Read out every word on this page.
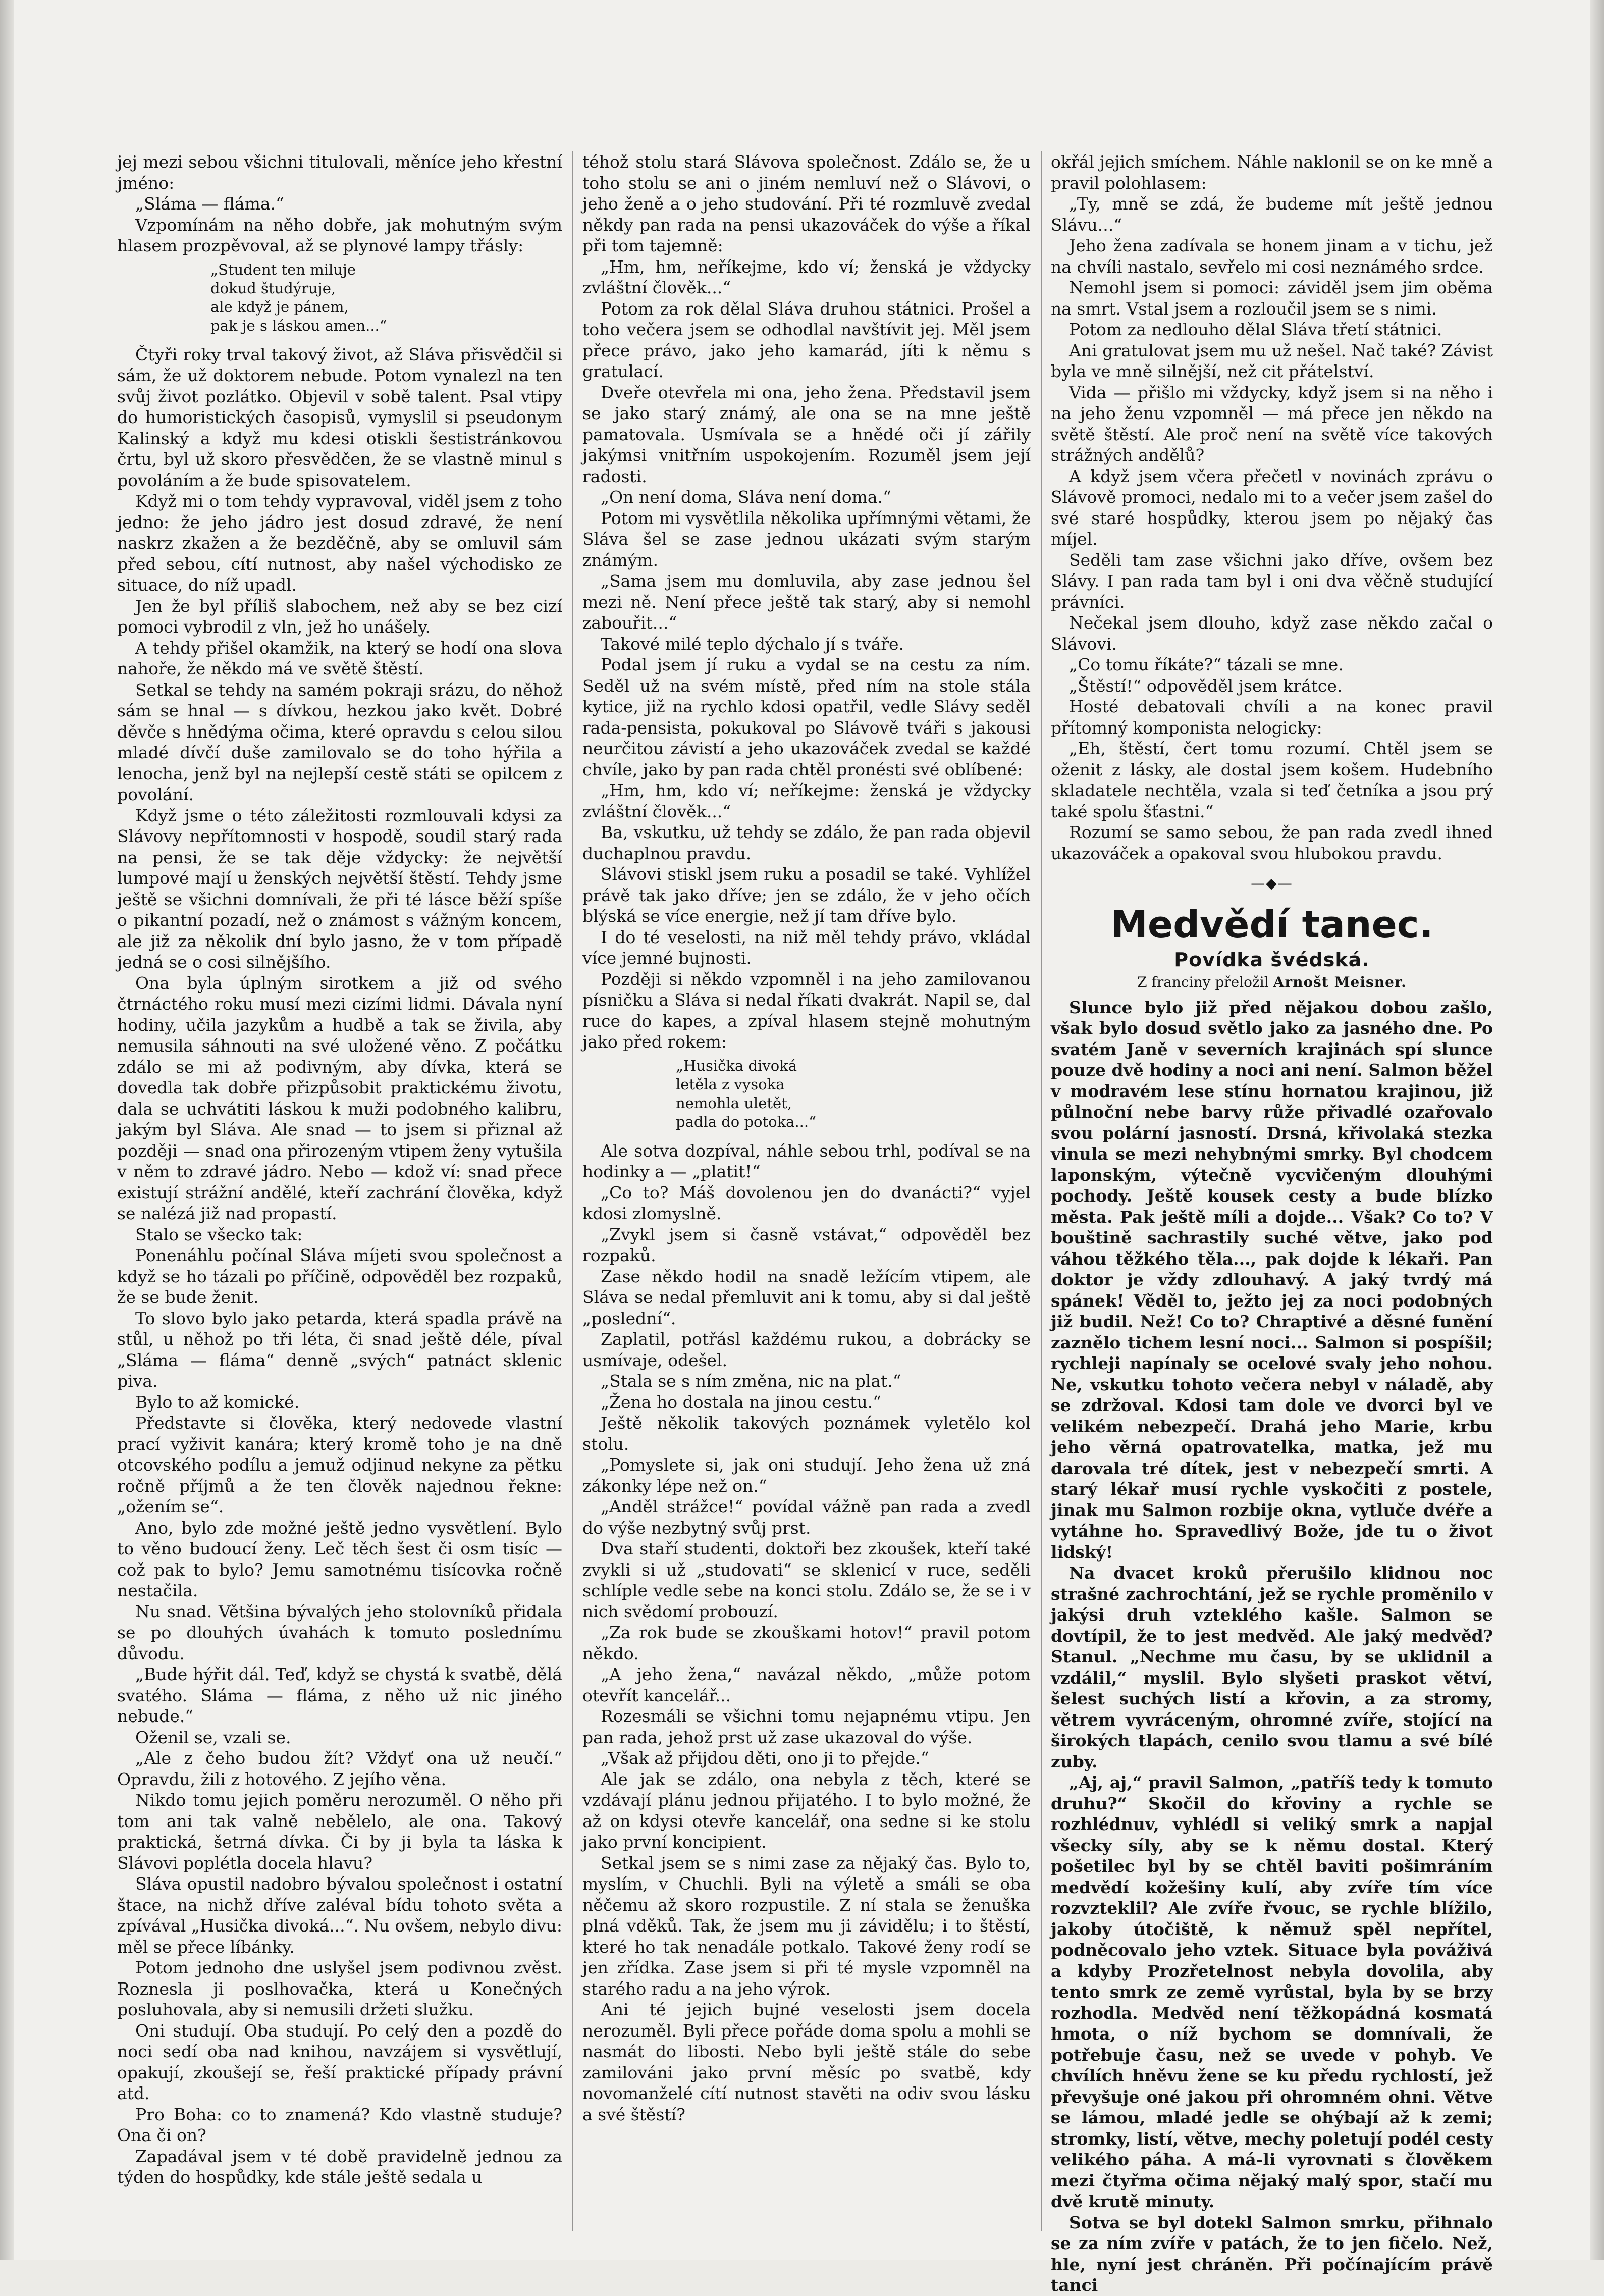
jej mezi sebou všichni titulovali, měníce jeho křestní jméno:

„Sláma — fláma.“

Vzpomínám na něho dobře, jak mohutným svým hlasem prozpěvoval, až se plynové lampy třásly:

„Student ten miluje
dokud študýruje,
ale když je pánem,
pak je s láskou amen...“

Čtyři roky trval takový život, až Sláva přisvědčil si sám, že už doktorem nebude. Potom vynalezl na ten svůj život pozlátko. Objevil v sobě talent. Psal vtipy do humoristických časopisů, vymyslil si pseudonym Kalinský a když mu kdesi otiskli šestistránkovou črtu, byl už skoro přesvědčen, že se vlastně minul s povoláním a že bude spisovatelem.

Když mi o tom tehdy vypravoval, viděl jsem z toho jedno: že jeho jádro jest dosud zdravé, že není naskrz zkažen a že bezděčně, aby se omluvil sám před sebou, cítí nutnost, aby našel východisko ze situace, do níž upadl.

Jen že byl příliš slabochem, než aby se bez cizí pomoci vybrodil z vln, jež ho unášely.

A tehdy přišel okamžik, na který se hodí ona slova nahoře, že někdo má ve světě štěstí.

Setkal se tehdy na samém pokraji srázu, do něhož sám se hnal — s dívkou, hezkou jako květ. Dobré děvče s hnědýma očima, které opravdu s celou silou mladé dívčí duše zamilovalo se do toho hýřila a lenocha, jenž byl na nejlepší cestě státi se opilcem z povolání.

Když jsme o této záležitosti rozmlouvali kdysi za Slávovy nepřítomnosti v hospodě, soudil starý rada na pensi, že se tak děje vždycky: že největší lumpové mají u ženských největší štěstí. Tehdy jsme ještě se všichni domnívali, že při té lásce běží spíše o pikantní pozadí, než o známost s vážným koncem, ale již za několik dní bylo jasno, že v tom případě jedná se o cosi silnějšího.

Ona byla úplným sirotkem a již od svého čtrnáctého roku musí mezi cizími lidmi. Dávala nyní hodiny, učila jazykům a hudbě a tak se živila, aby nemusila sáhnouti na své uložené věno. Z počátku zdálo se mi až podivným, aby dívka, která se dovedla tak dobře přizpůsobit praktickému životu, dala se uchvátiti láskou k muži podobného kalibru, jakým byl Sláva. Ale snad — to jsem si přiznal až později — snad ona přirozeným vtipem ženy vytušila v něm to zdravé jádro. Nebo — kdož ví: snad přece existují strážní andělé, kteří zachrání člověka, když se nalézá již nad propastí.

Stalo se všecko tak:

Ponenáhlu počínal Sláva míjeti svou společnost a když se ho tázali po příčině, odpověděl bez rozpaků, že se bude ženit.

To slovo bylo jako petarda, která spadla právě na stůl, u něhož po tři léta, či snad ještě déle, píval „Sláma — fláma“ denně „svých“ patnáct sklenic piva.

Bylo to až komické.

Představte si člověka, který nedovede vlastní prací vyživit kanára; který kromě toho je na dně otcovského podílu a jemuž odjinud nekyne za pětku ročně příjmů a že ten člověk najednou řekne: „ožením se“.

Ano, bylo zde možné ještě jedno vysvětlení. Bylo to věno budoucí ženy. Leč těch šest či osm tisíc — což pak to bylo? Jemu samotnému tisícovka ročně nestačila.

Nu snad. Většina bývalých jeho stolovníků přidala se po dlouhých úvahách k tomuto poslednímu důvodu.

„Bude hýřit dál. Teď, když se chystá k svatbě, dělá svatého. Sláma — fláma, z něho už nic jiného nebude.“

Oženil se, vzali se.

„Ale z čeho budou žít? Vždyť ona už neučí.“ Opravdu, žili z hotového. Z jejího věna.

Nikdo tomu jejich poměru nerozuměl. O něho při tom ani tak valně nebělelo, ale ona. Takový praktická, šetrná dívka. Či by ji byla ta láska k Slávovi poplétla docela hlavu?

Sláva opustil nadobro bývalou společnost i ostatní štace, na nichž dříve zaléval bídu tohoto světa a zpívával „Husička divoká...“. Nu ovšem, nebylo divu: měl se přece líbánky.

Potom jednoho dne uslyšel jsem podivnou zvěst. Roznesla ji poslhovačka, která u Konečných posluhovala, aby si nemusili držeti služku.

Oni studují. Oba studují. Po celý den a pozdě do noci sedí oba nad knihou, navzájem si vysvětlují, opakují, zkoušejí se, řeší praktické případy právní atd.

Pro Boha: co to znamená? Kdo vlastně studuje? Ona či on?

Zapadával jsem v té době pravidelně jednou za týden do hospůdky, kde stále ještě sedala u

téhož stolu stará Slávova společnost. Zdálo se, že u toho stolu se ani o jiném nemluví než o Slávovi, o jeho ženě a o jeho studování. Při té rozmluvě zvedal někdy pan rada na pensi ukazováček do výše a říkal při tom tajemně:

„Hm, hm, neříkejme, kdo ví; ženská je vždycky zvláštní člověk...“

Potom za rok dělal Sláva druhou státnici. Prošel a toho večera jsem se odhodlal navštívit jej. Měl jsem přece právo, jako jeho kamarád, jíti k němu s gratulací.

Dveře otevřela mi ona, jeho žena. Představil jsem se jako starý známý, ale ona se na mne ještě pamatovala. Usmívala se a hnědé oči jí zářily jakýmsi vnitřním uspokojením. Rozuměl jsem její radosti.

„On není doma, Sláva není doma.“

Potom mi vysvětlila několika upřímnými větami, že Sláva šel se zase jednou ukázati svým starým známým.

„Sama jsem mu domluvila, aby zase jednou šel mezi ně. Není přece ještě tak starý, aby si nemohl zabouřit...“

Takové milé teplo dýchalo jí s tváře.

Podal jsem jí ruku a vydal se na cestu za ním. Seděl už na svém místě, před ním na stole stála kytice, již na rychlo kdosi opatřil, vedle Slávy seděl rada-pensista, pokukoval po Slávově tváři s jakousi neurčitou závistí a jeho ukazováček zvedal se každé chvíle, jako by pan rada chtěl pronésti své oblíbené:

„Hm, hm, kdo ví; neříkejme: ženská je vždycky zvláštní člověk...“

Ba, vskutku, už tehdy se zdálo, že pan rada objevil duchaplnou pravdu.

Slávovi stiskl jsem ruku a posadil se také. Vyhlížel právě tak jako dříve; jen se zdálo, že v jeho očích blýská se více energie, než jí tam dříve bylo.

I do té veselosti, na niž měl tehdy právo, vkládal více jemné bujnosti.

Později si někdo vzpomněl i na jeho zamilovanou písničku a Sláva si nedal říkati dvakrát. Napil se, dal ruce do kapes, a zpíval hlasem stejně mohutným jako před rokem:

„Husička divoká
letěla z vysoka
nemohla uletět,
padla do potoka...“

Ale sotva dozpíval, náhle sebou trhl, podíval se na hodinky a — „platit!“

„Co to? Máš dovolenou jen do dvanácti?“ vyjel kdosi zlomyslně.

„Zvykl jsem si časně vstávat,“ odpověděl bez rozpaků.

Zase někdo hodil na snadě ležícím vtipem, ale Sláva se nedal přemluvit ani k tomu, aby si dal ještě „poslední“.

Zaplatil, potřásl každému rukou, a dobrácky se usmívaje, odešel.

„Stala se s ním změna, nic na plat.“

„Žena ho dostala na jinou cestu.“

Ještě několik takových poznámek vyletělo kol stolu.

„Pomyslete si, jak oni studují. Jeho žena už zná zákonky lépe než on.“

„Anděl strážce!“ povídal vážně pan rada a zvedl do výše nezbytný svůj prst.

Dva staří studenti, doktoři bez zkoušek, kteří také zvykli si už „studovati“ se sklenicí v ruce, seděli schlíple vedle sebe na konci stolu. Zdálo se, že se i v nich svědomí probouzí.

„Za rok bude se zkouškami hotov!“ pravil potom někdo.

„A jeho žena,“ navázal někdo, „může potom otevřít kancelář...

Rozesmáli se všichni tomu nejapnému vtipu. Jen pan rada, jehož prst už zase ukazoval do výše.

„Však až přijdou děti, ono ji to přejde.“

Ale jak se zdálo, ona nebyla z těch, které se vzdávají plánu jednou přijatého. I to bylo možné, že až on kdysi otevře kancelář, ona sedne si ke stolu jako první koncipient.

Setkal jsem se s nimi zase za nějaký čas. Bylo to, myslím, v Chuchli. Byli na výletě a smáli se oba něčemu až skoro rozpustile. Z ní stala se ženuška plná vděků. Tak, že jsem mu ji závidělu; i to štěstí, které ho tak nenadále potkalo. Takové ženy rodí se jen zřídka. Zase jsem si při té mysle vzpomněl na starého radu a na jeho výrok.

Ani té jejich bujné veselosti jsem docela nerozuměl. Byli přece pořáde doma spolu a mohli se nasmát do libosti. Nebo byli ještě stále do sebe zamilováni jako první měsíc po svatbě, kdy novomanželé cítí nutnost stavěti na odiv svou lásku a své štěstí?

okřál jejich smíchem. Náhle naklonil se on ke mně a pravil polohlasem:

„Ty, mně se zdá, že budeme mít ještě jednou Slávu...“

Jeho žena zadívala se honem jinam a v tichu, jež na chvíli nastalo, sevřelo mi cosi neznámého srdce.

Nemohl jsem si pomoci: záviděl jsem jim oběma na smrt. Vstal jsem a rozloučil jsem se s nimi.

Potom za nedlouho dělal Sláva třetí státnici.

Ani gratulovat jsem mu už nešel. Nač také? Závist byla ve mně silnější, než cit přátelství.

Vida — přišlo mi vždycky, když jsem si na něho i na jeho ženu vzpomněl — má přece jen někdo na světě štěstí. Ale proč není na světě více takových strážných andělů?

A když jsem včera přečetl v novinách zprávu o Slávově promoci, nedalo mi to a večer jsem zašel do své staré hospůdky, kterou jsem po nějaký čas míjel.

Seděli tam zase všichni jako dříve, ovšem bez Slávy. I pan rada tam byl i oni dva věčně studující právníci.

Nečekal jsem dlouho, když zase někdo začal o Slávovi.

„Co tomu říkáte?“ tázali se mne.

„Štěstí!“ odpověděl jsem krátce.

Hosté debatovali chvíli a na konec pravil přítomný komponista nelogicky:

„Eh, štěstí, čert tomu rozumí. Chtěl jsem se oženit z lásky, ale dostal jsem košem. Hudebního skladatele nechtěla, vzala si teď četníka a jsou prý také spolu šťastni.“

Rozumí se samo sebou, že pan rada zvedl ihned ukazováček a opakoval svou hlubokou pravdu.

—◆—
Medvědí tanec.
Povídka švédská.
Z franciny přeložil Arnošt Meisner.

Slunce bylo již před nějakou dobou zašlo, však bylo dosud světlo jako za jasného dne. Po svatém Janě v severních krajinách spí slunce pouze dvě hodiny a noci ani není. Salmon běžel v modravém lese stínu hornatou krajinou, již půlnoční nebe barvy růže přivadlé ozařovalo svou polární jasností. Drsná, křivolaká stezka vinula se mezi nehybnými smrky. Byl chodcem laponským, výtečně vycvičeným dlouhými pochody. Ještě kousek cesty a bude blízko města. Pak ještě míli a dojde... Však? Co to? V bouštině sachrastily suché větve, jako pod váhou těžkého těla..., pak dojde k lékaři. Pan doktor je vždy zdlouhavý. A jaký tvrdý má spánek! Věděl to, ježto jej za noci podobných již budil. Než! Co to? Chraptivé a děsné funění zaznělo tichem lesní noci... Salmon si pospíšil; rychleji napínaly se ocelové svaly jeho nohou. Ne, vskutku tohoto večera nebyl v náladě, aby se zdržoval. Kdosi tam dole ve dvorci byl ve velikém nebezpečí. Drahá jeho Marie, krbu jeho věrná opatrovatelka, matka, jež mu darovala tré dítek, jest v nebezpečí smrti. A starý lékař musí rychle vyskočiti z postele, jinak mu Salmon rozbije okna, vytluče dvéře a vytáhne ho. Spravedlivý Bože, jde tu o život lidský!

Na dvacet kroků přerušilo klidnou noc strašné zachrochtání, jež se rychle proměnilo v jakýsi druh vzteklého kašle. Salmon se dovtípil, že to jest medvěd. Ale jaký medvěd? Stanul. „Nechme mu času, by se uklidnil a vzdálil,“ myslil. Bylo slyšeti praskot větví, šelest suchých listí a křovin, a za stromy, větrem vyvráceným, ohromné zvíře, stojící na širokých tlapách, cenilo svou tlamu a své bílé zuby.

„Aj, aj,“ pravil Salmon, „patříš tedy k tomuto druhu?“ Skočil do křoviny a rychle se rozhlédnuv, vyhlédl si veliký smrk a napjal všecky síly, aby se k němu dostal. Který pošetilec byl by se chtěl baviti pošimráním medvědí kožešiny kulí, aby zvíře tím více rozvzteklil? Ale zvíře řvouc, se rychle blížilo, jakoby útočiště, k němuž spěl nepřítel, podněcovalo jeho vztek. Situace byla pováživá a kdyby Prozřetelnost nebyla dovolila, aby tento smrk ze země vyrůstal, byla by se brzy rozhodla. Medvěd není těžkopádná kosmatá hmota, o níž bychom se domnívali, že potřebuje času, než se uvede v pohyb. Ve chvílích hněvu žene se ku předu rychlostí, jež převyšuje oné jakou při ohromném ohni. Větve se lámou, mladé jedle se ohýbají až k zemi; stromky, listí, větve, mechy poletují podél cesty velikého páha. A má-li vyrovnati s člověkem mezi čtyřma očima nějaký malý spor, stačí mu dvě krutě minuty.

Sotva se byl dotekl Salmon smrku, přihnalo se za ním zvíře v patách, že to jen fičelo. Než, hle, nyní jest chráněn. Při počínajícím právě tanci
